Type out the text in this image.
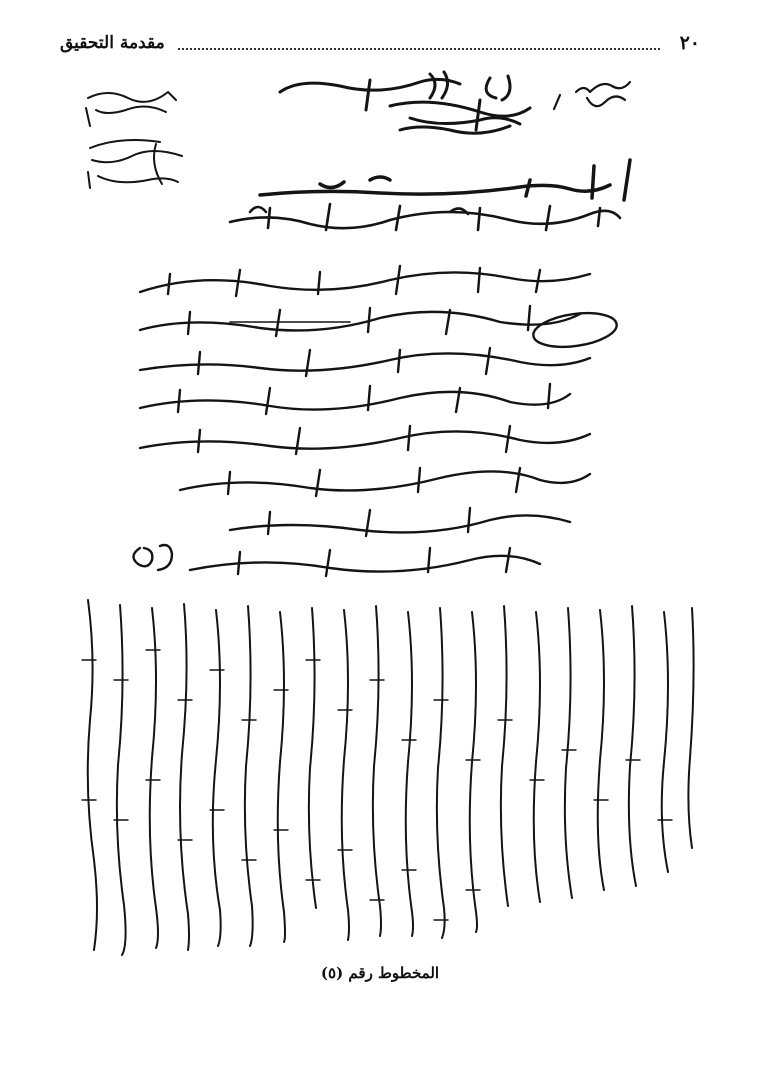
٢٠
مقدمة التحقيق
المخطوط رقم (٥)
